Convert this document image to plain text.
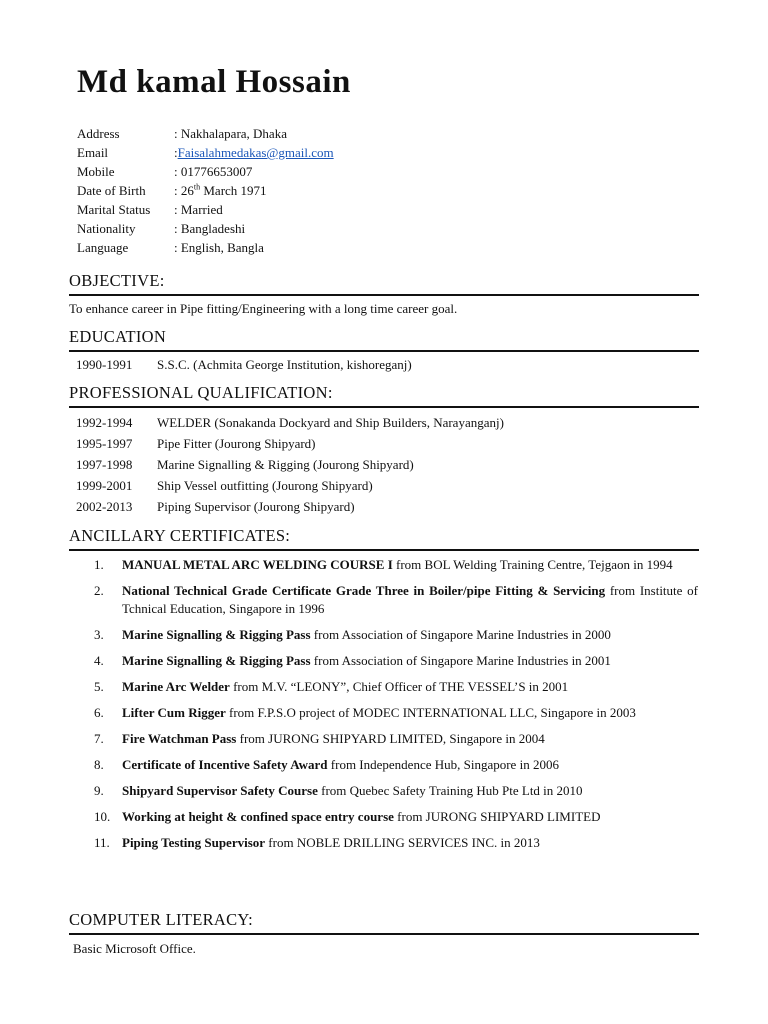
Md kamal Hossain
Address	: Nakhalapara, Dhaka
Email	: Faisalahmedakas@gmail.com
Mobile	: 01776653007
Date of Birth	: 26th March 1971
Marital Status	: Married
Nationality	: Bangladeshi
Language	: English, Bangla
OBJECTIVE:
To enhance career in Pipe fitting/Engineering with a long time career goal.
EDUCATION
1990-1991	S.S.C. (Achmita George Institution, kishoreganj)
PROFESSIONAL QUALIFICATION:
1992-1994	WELDER (Sonakanda Dockyard and Ship Builders, Narayanganj)
1995-1997	Pipe Fitter (Jourong Shipyard)
1997-1998	Marine Signalling & Rigging (Jourong Shipyard)
1999-2001	Ship Vessel outfitting (Jourong Shipyard)
2002-2013	Piping Supervisor (Jourong Shipyard)
ANCILLARY CERTIFICATES:
1.	MANUAL METAL ARC WELDING COURSE I from BOL Welding Training Centre, Tejgaon in 1994
2.	National Technical Grade Certificate Grade Three in Boiler/pipe Fitting & Servicing from Institute of Tchnical Education, Singapore in 1996
3.	Marine Signalling & Rigging Pass from Association of Singapore Marine Industries in 2000
4.	Marine Signalling & Rigging Pass from Association of Singapore Marine Industries in 2001
5.	Marine Arc Welder from M.V. “LEONY”, Chief Officer of THE VESSEL’S in 2001
6.	Lifter Cum Rigger from F.P.S.O project of MODEC INTERNATIONAL LLC, Singapore in 2003
7.	Fire Watchman Pass from JURONG SHIPYARD LIMITED, Singapore in 2004
8.	Certificate of Incentive Safety Award from Independence Hub, Singapore in 2006
9.	Shipyard Supervisor Safety Course from Quebec Safety Training Hub Pte Ltd in 2010
10. Working at height & confined space entry course from JURONG SHIPYARD LIMITED
11. Piping Testing Supervisor from NOBLE DRILLING SERVICES INC. in 2013
COMPUTER LITERACY:
Basic Microsoft Office.
